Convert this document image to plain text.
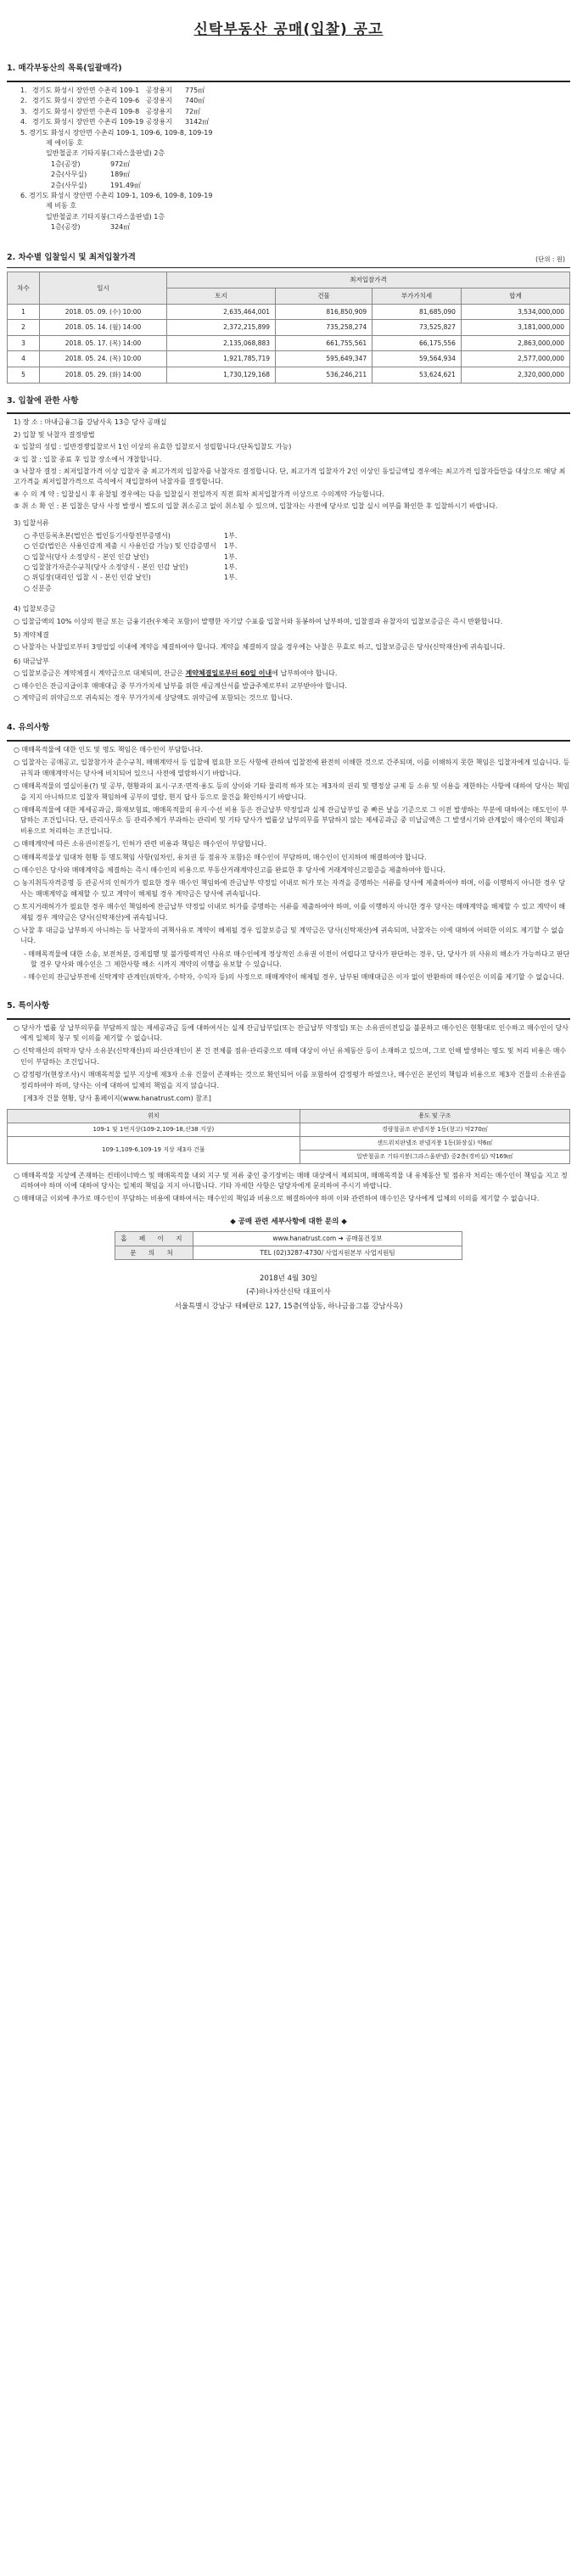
신탁부동산 공매(입찰) 공고
1. 매각부동산의 목록(일괄매각)
1. 경기도 화성시 장안면 수촌리 109-1 공장용지	775㎡
2. 경기도 화성시 장안면 수촌리 109-6 공장용지	740㎡
3. 경기도 화성시 장안면 수촌리 109-8 공장용지	72㎡
4. 경기도 화성시 장안면 수촌리 109-19 공장용지	3142㎡
5. 경기도 화성시 장안면 수촌리 109-1, 109-6, 109-8, 109-19
제 에이동 호
일반철골조 기타지붕(그라스울판넬) 2층
1층(공장)	972㎡
2층(사무실)	189㎡
2층(사무실)	191.49㎡
6. 경기도 화성시 장안면 수촌리 109-1, 109-6, 109-8, 109-19
제 비동 호
일반철골조 기타지붕(그라스울판넬) 1층
1층(공장)	324㎡
2. 차수별 입찰일시 및 최저입찰가격	(단위 : 원)
차수	일시	최저입찰가격			
		토지	건물	부가가치세	합계
1	2018. 05. 09. (수) 10:00	2,635,464,001	816,850,909	81,685,090	3,534,000,000
2	2018. 05. 14. (월) 14:00	2,372,215,899	735,258,274	73,525,827	3,181,000,000
3	2018. 05. 17. (목) 14:00	2,135,068,883	661,755,561	66,175,556	2,863,000,000
4	2018. 05. 24. (목) 10:00	1,921,785,719	595,649,347	59,564,934	2,577,000,000
5	2018. 05. 29. (화) 14:00	1,730,129,168	536,246,211	53,624,621	2,320,000,000
3. 입찰에 관한 사항

1) 장 소 : 마내금융그룹 강남사옥 13층 당사 공매실

2) 입찰 및 낙찰자 결정방법

① 입찰의 성립 : 일반경쟁입찰로서 1인 이상의 유효한 입찰로서 성립합니다.(단독입찰도 가능)

② 입 찰 : 입찰 종료 후 입찰 장소에서 개찰합니다.

③ 낙찰자 결정 : 최저입찰가격 이상 입찰자 중 최고가격의 입찰자를 낙찰자로 결정합니다. 단, 최고가격 입찰자가 2인 이상인 동일금액일 경우에는 최고가격 입찰자들만을 대상으로 해당 최고가격을 최저입찰가격으로 즉석에서 재입찰하여 낙찰자를 결정합니다.

④ 수 의 계 약 : 입찰실시 후 유찰될 경우에는 다음 입찰실시 전일까지 직전 회차 최저입찰가격 이상으로 수의계약 가능합니다.

⑤ 취 소 확 인 : 본 입찰은 당사 사정 발생시 별도의 입찰 취소공고 없이 취소될 수 있으며, 입찰자는 사전에 당사로 입찰 실시 여부를 확인한 후 입찰하시기 바랍니다.

3) 입찰서류

○ 주민등록초본(법인은 법인등기사항전부증명서)	1부.
○ 인감(법인은 사용인감계 제출 시 사용인감 가능) 및 인감증명서	1부.
○ 입찰서(당사 소정양식 - 본인 인감 날인)	1부.
○ 입찰참가자준수규칙(당사 소정양식 - 본인 인감 날인)	1부.
○ 위임장(대리인 입찰 시 - 본인 인감 날인)	1부.
○ 신분증

4) 입찰보증금

○ 입찰금액의 10% 이상의 현금 또는 금융기관(우체국 포함)이 발행한 자기앞 수표를 입찰서와 동봉하여 납부하며, 입찰결과 유찰자의 입찰보증금은 즉시 반환합니다.

5) 계약체결

○ 낙찰자는 낙찰일로부터 3영업일 이내에 계약을 체결하여야 합니다. 계약을 체결하지 않을 경우에는 낙찰은 무효로 하고, 입찰보증금은 당사(신탁재산)에 귀속됩니다.

6) 대금납부

○ 입찰보증금은 계약체결시 계약금으로 대체되며, 잔금은 계약체결일로부터 60일 이내에 납부하여야 합니다.

○ 매수인은 잔금지급이후 매매대금 중 부가가치세 납부를 위한 세금계산서를 발급주체로부터 교부받아야 합니다.

○ 계약금의 위약금으로 귀속되는 경우 부가가치세 상당액도 위약금에 포함되는 것으로 합니다.

4. 유의사항

○ 매매목적물에 대한 인도 및 명도 책임은 매수인이 부담합니다.

○ 입찰자는 공매공고, 입찰참가자 준수규칙, 매매계약서 등 입찰에 필요한 모든 사항에 관하여 입찰전에 완전히 이해한 것으로 간주되며, 이를 이해하지 못한 책임은 입찰자에게 있습니다. 등 규칙과 매매계약서는 당사에 비치되어 있으니 사전에 열람하시기 바랍니다.

○ 매매목적물의 열실이용(?) 및 공부, 현황과의 표시·구조·면적·용도 등의 상이와 기타 물리적 하자 또는 제3자의 권리 및 행정상 규제 등 소유 및 이용을 제한하는 사항에 대하여 당사는 책임을 지지 아니하므로 입찰자 책임하에 공부의 열람, 현지 답사 등으로 물건을 확인하시기 바랍니다.

○ 매매목적물에 대한 제세공과금, 화재보험료, 매매목적물의 유지·수선 비용 등은 잔금납부 약정일과 실제 잔금납부일 중 빠른 날을 기준으로 그 이전 발생하는 부분에 대하여는 매도인이 부담하는 조건입니다. 단, 관리사무소 등 관리주체가 부과하는 관리비 및 기타 당사가 법률상 납부의무를 부담하지 않는 제세공과금 중 미납금액은 그 발생시기와 관계없이 매수인의 책임과 비용으로 처리하는 조건입니다.

○ 매매계약에 따른 소유권이전등기, 인허가 관련 비용과 책임은 매수인이 부담합니다.

○ 매매목적물상 임대차 현황 등 명도책임 사항(임차인, 유치권 등 점유자 포함)은 매수인이 부담하며, 매수인이 인지하여 해결하여야 합니다.

○ 매수인은 당사와 매매계약을 체결하는 즉시 매수인의 비용으로 부동산거래계약신고를 완료한 후 당사에 거래계약신고필증을 제출하여야 합니다.

○ 농지취득자격증명 등 관공서의 인허가가 필요한 경우 매수인 책임하에 잔금납부 약정일 이내로 허가 또는 자격을 증명하는 서류를 당사에 제출하여야 하며, 이를 이행하지 아니한 경우 당사는 매매계약을 해제할 수 있고 계약이 해제될 경우 계약금은 당사에 귀속됩니다.

○ 토지거래허가가 필요한 경우 매수인 책임하에 잔금납부 약정일 이내로 허가를 증명하는 서류를 제출하여야 하며, 이를 이행하지 아니한 경우 당사는 매매계약을 해제할 수 있고 계약이 해제될 경우 계약금은 당사(신탁재산)에 귀속됩니다.

○ 낙찰 후 대금을 납부하지 아니하는 등 낙찰자의 귀책사유로 계약이 해제될 경우 입찰보증금 및 계약금은 당사(신탁재산)에 귀속되며, 낙찰자는 이에 대하여 어떠한 이의도 제기할 수 없습니다.

- 매매목적물에 대한 소송, 보전처분, 강제집행 및 불가항력적인 사유로 매수인에게 정상적인 소유권 이전이 어렵다고 당사가 판단하는 경우, 단, 당사가 위 사유의 해소가 가능하다고 판단할 경우 당사와 매수인은 그 제한사항 해소 시까지 계약의 이행을 유보할 수 있습니다.

- 매수인의 잔금납부전에 신탁계약 관계인(위탁자, 수탁자, 수익자 등)의 사정으로 매매계약이 해제될 경우, 납부된 매매대금은 이자 없이 반환하며 매수인은 이의를 제기할 수 없습니다.

5. 특이사항

○ 당사가 법률 상 납부의무를 부담하지 않는 제세공과금 등에 대하여서는 실제 잔금납부일(또는 잔금납부 약정일) 또는 소유권이전일을 불문하고 매수인은 현황대로 인수하고 매수인이 당사에게 일체의 청구 및 이의를 제기할 수 없습니다.

○ 신탁재산의 위탁자 당사 소유분(신탁재산)의 파산관재인이 본 건 전체를 점유·관리중으로 매매 대상이 아닌 유체동산 등이 소재하고 있으며, 그로 인해 발생하는 명도 및 처리 비용은 매수인이 부담하는 조건입니다.

○ 감정평가(현장조사)시 매매목적물 일부 지상에 제3자 소유 건물이 존재하는 것으로 확인되어 이를 포함하여 감정평가 하였으나, 매수인은 본인의 책임과 비용으로 제3자 건물의 소유권을 정리하여야 하며, 당사는 이에 대하여 일체의 책임을 지지 않습니다.

[제3자 건물 현황, 당사 홈페이지(www.hanatrust.com) 참조]
위치	용도 및 구조
109-1 및 1번지상(109-2,109-18,산38 지상)	경량철골조 판넬지붕 1동(창고) 약270㎡
109-1,109-6,109-19 지상 제3자 건물	샌드위치판넬조 판넬지붕 1동(화장실) 약6㎡
	일반철골조 기타지붕(그라스울판넬) 중2층(경비실) 약169㎡

○ 매매목적물 지상에 존재하는 컨테이너박스 및 매매목적물 내외 지구 및 저류 중인 중기장비는 매매 대상에서 제외되며, 매매목적물 내 유체동산 및 점유자 처리는 매수인이 책임을 지고 정리하여야 하며 이에 대하여 당사는 일체의 책임을 지지 아니합니다. 기타 자세한 사항은 담당자에게 문의하여 주시기 바랍니다.

○ 매매대금 이외에 추가로 매수인이 부담하는 비용에 대하여서는 매수인의 책임과 비용으로 해결하여야 하며 이와 관련하여 매수인은 당사에게 일체의 이의를 제기할 수 없습니다.

◆ 공매 관련 세부사항에 대한 문의 ◆
홈 페 이 지	www.hanatrust.com ➜ 공매물건정보
문 의 처	TEL (02)3287-4730/ 사업지원본부 사업지원팀
2018년 4월 30일
(주)하나자산신탁 대표이사
서울특별시 강남구 테헤란로 127, 15층(역삼동, 하나금융그룹 강남사옥)
